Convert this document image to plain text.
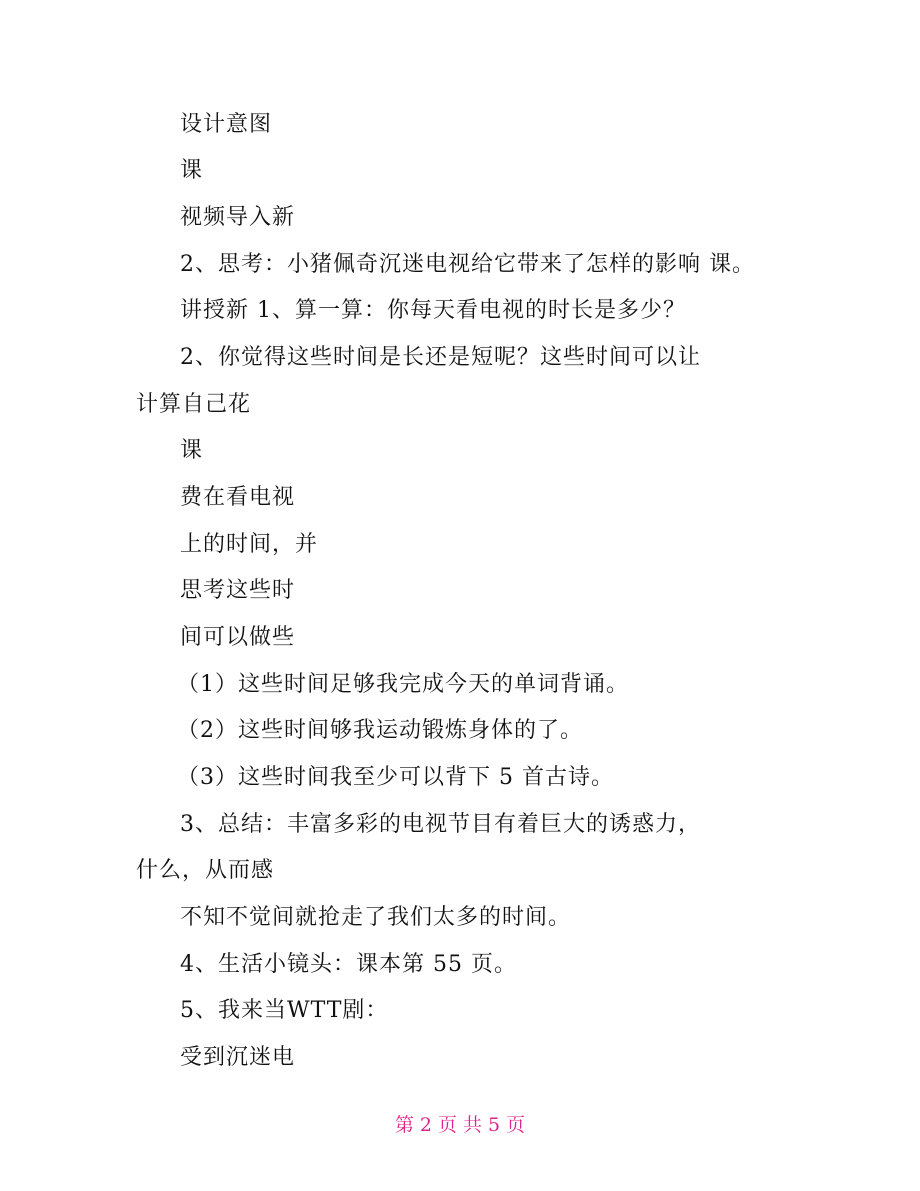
设计意图
课
视频导入新
2、思考：小猪佩奇沉迷电视给它带来了怎样的影响 课。
讲授新 1、算一算：你每天看电视的时长是多少？
2、你觉得这些时间是长还是短呢？这些时间可以让
计算自己花
课
费在看电视
上的时间，并
思考这些时
间可以做些
（1）这些时间足够我完成今天的单词背诵。
（2）这些时间够我运动锻炼身体的了。
（3）这些时间我至少可以背下 5 首古诗。
3、总结：丰富多彩的电视节目有着巨大的诱惑力，
什么，从而感
不知不觉间就抢走了我们太多的时间。
4、生活小镜头：课本第 55 页。
5、我来当WTT剧：
受到沉迷电
第 2 页 共 5 页
